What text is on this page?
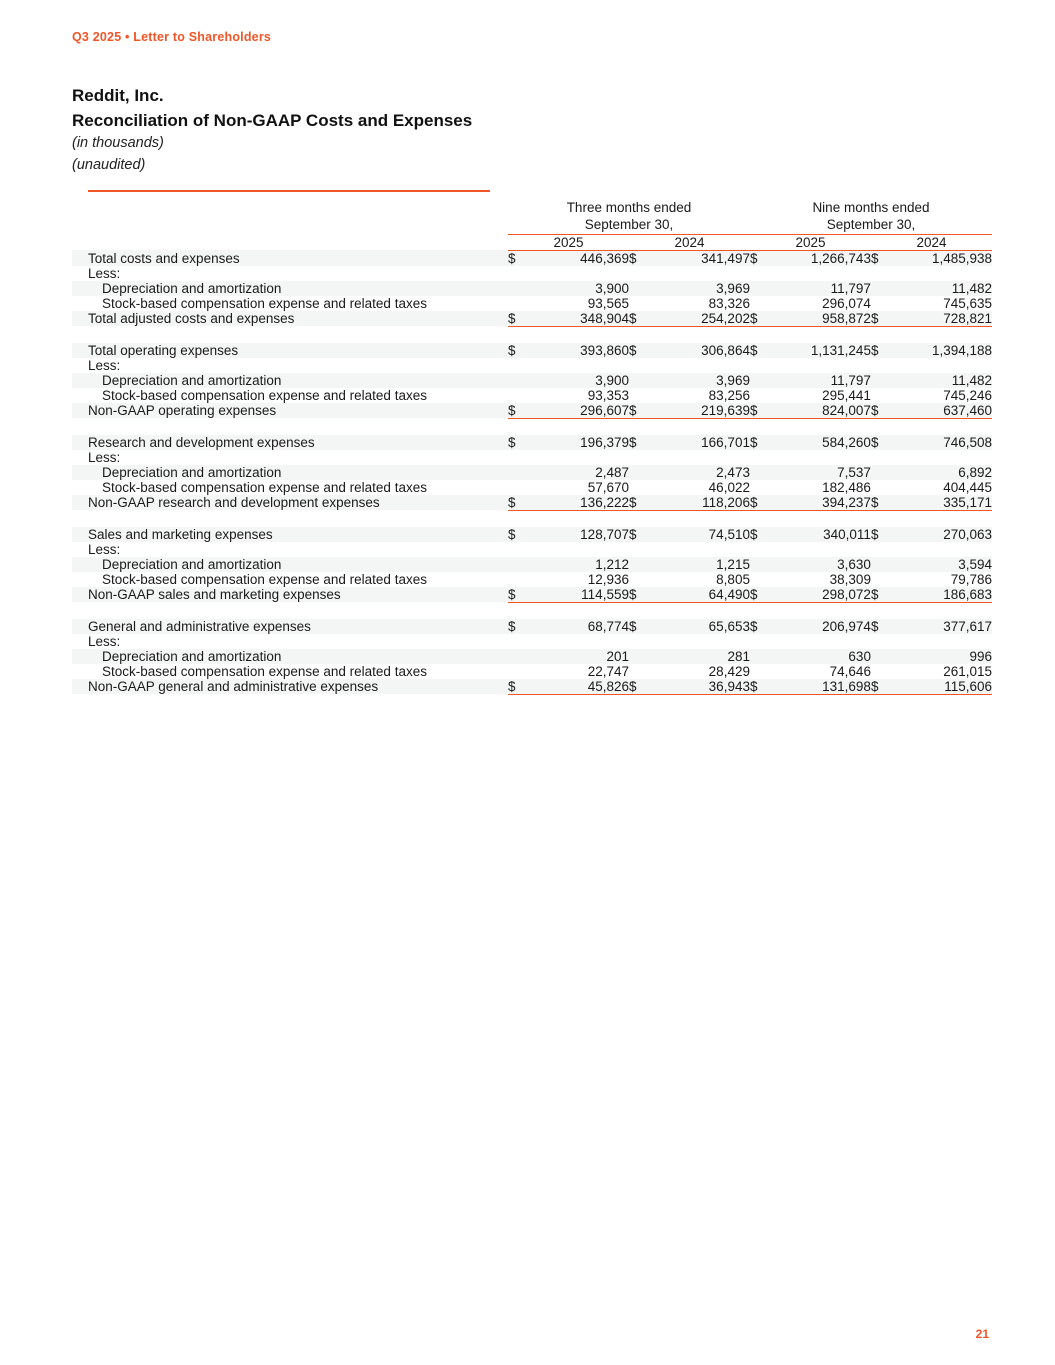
Q3 2025 • Letter to Shareholders
Reddit, Inc.
Reconciliation of Non-GAAP Costs and Expenses
(in thousands)
(unaudited)
	Three months ended
September 30,				Nine months ended
September 30,			
	2025		2024		2025		2024	
Total costs and expenses	$	446,369	$	341,497	$	1,266,743	$	1,485,938
Less:								
Depreciation and amortization		3,900		3,969		11,797		11,482
Stock-based compensation expense and related taxes		93,565		83,326		296,074		745,635
Total adjusted costs and expenses	$	348,904	$	254,202	$	958,872	$	728,821

Total operating expenses	$	393,860	$	306,864	$	1,131,245	$	1,394,188
Less:								
Depreciation and amortization		3,900		3,969		11,797		11,482
Stock-based compensation expense and related taxes		93,353		83,256		295,441		745,246
Non-GAAP operating expenses	$	296,607	$	219,639	$	824,007	$	637,460

Research and development expenses	$	196,379	$	166,701	$	584,260	$	746,508
Less:								
Depreciation and amortization		2,487		2,473		7,537		6,892
Stock-based compensation expense and related taxes		57,670		46,022		182,486		404,445
Non-GAAP research and development expenses	$	136,222	$	118,206	$	394,237	$	335,171

Sales and marketing expenses	$	128,707	$	74,510	$	340,011	$	270,063
Less:								
Depreciation and amortization		1,212		1,215		3,630		3,594
Stock-based compensation expense and related taxes		12,936		8,805		38,309		79,786
Non-GAAP sales and marketing expenses	$	114,559	$	64,490	$	298,072	$	186,683

General and administrative expenses	$	68,774	$	65,653	$	206,974	$	377,617
Less:								
Depreciation and amortization		201		281		630		996
Stock-based compensation expense and related taxes		22,747		28,429		74,646		261,015
Non-GAAP general and administrative expenses	$	45,826	$	36,943	$	131,698	$	115,606
21
